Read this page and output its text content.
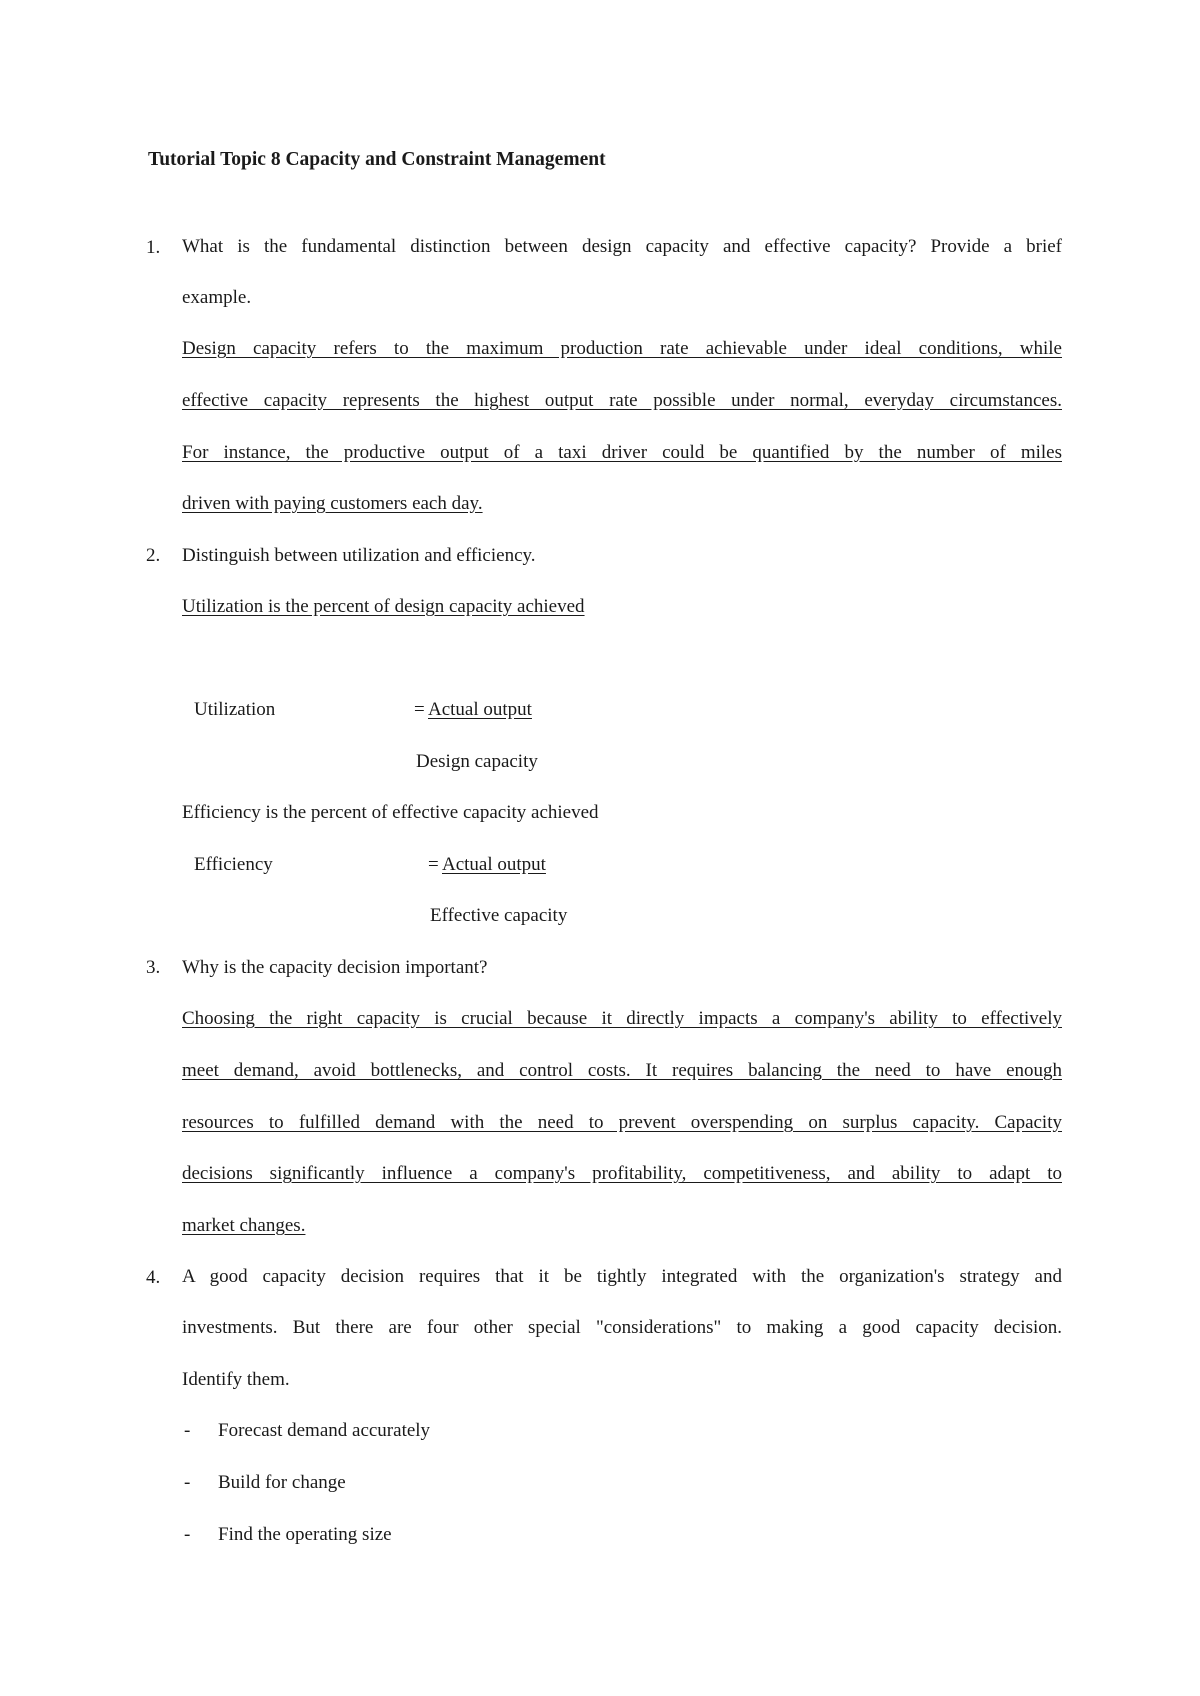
Tutorial Topic 8 Capacity and Constraint Management
1. What is the fundamental distinction between design capacity and effective capacity? Provide a brief
example.
Design capacity refers to the maximum production rate achievable under ideal conditions, while
effective capacity represents the highest output rate possible under normal, everyday circumstances.
For instance, the productive output of a taxi driver could be quantified by the number of miles
driven with paying customers each day.
2. Distinguish between utilization and efficiency.
Utilization is the percent of design capacity achieved
Utilization	= Actual output
Design capacity
Efficiency is the percent of effective capacity achieved
Efficiency	= Actual output
Effective capacity
3. Why is the capacity decision important?
Choosing the right capacity is crucial because it directly impacts a company's ability to effectively
meet demand, avoid bottlenecks, and control costs. It requires balancing the need to have enough
resources to fulfilled demand with the need to prevent overspending on surplus capacity. Capacity
decisions significantly influence a company's profitability, competitiveness, and ability to adapt to
market changes.
4. A good capacity decision requires that it be tightly integrated with the organization's strategy and
investments. But there are four other special "considerations" to making a good capacity decision.
Identify them.
- Forecast demand accurately
- Build for change
- Find the operating size
